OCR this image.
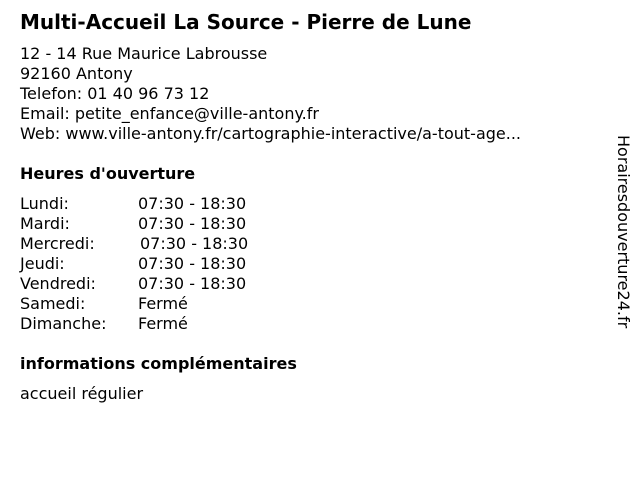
Multi-Accueil La Source - Pierre de Lune
12 - 14 Rue Maurice Labrousse
92160 Antony
Telefon: 01 40 96 73 12
Email: petite_enfance@ville-antony.fr
Web: www.ville-antony.fr/cartographie-interactive/a-tout-age...
Heures d'ouverture
Lundi:	07:30 - 18:30
Mardi:	07:30 - 18:30
Mercredi:	07:30 - 18:30
Jeudi:	07:30 - 18:30
Vendredi:	07:30 - 18:30
Samedi:	Fermé
Dimanche: Fermé
informations complémentaires
accueil régulier
Horairesdouverture24.fr
